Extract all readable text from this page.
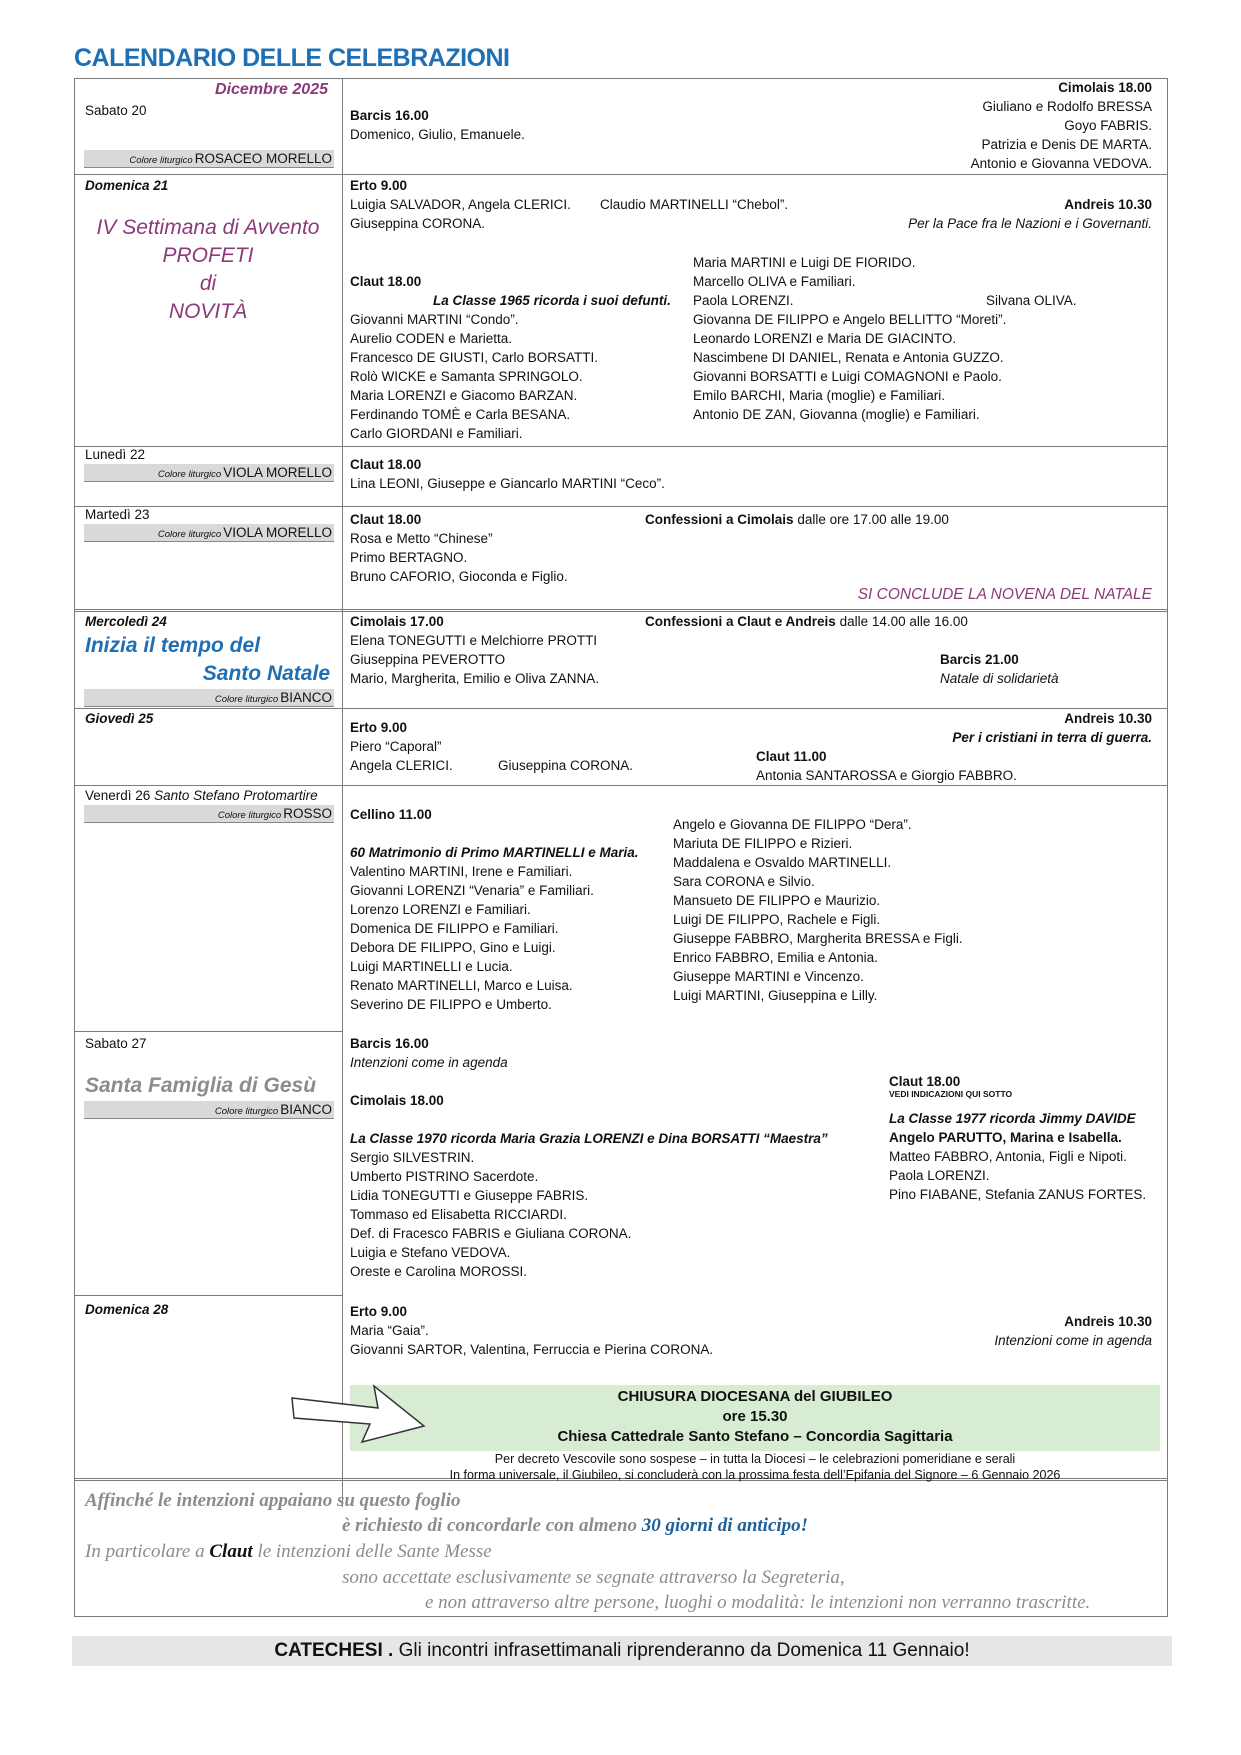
CALENDARIO DELLE CELEBRAZIONI
Dicembre 2025
Sabato 20
Colore liturgico ROSACEO MORELLO
Barcis 16.00
Domenico, Giulio, Emanuele.
Cimolais 18.00
Giuliano e Rodolfo BRESSA
Goyo FABRIS.
Patrizia e Denis DE MARTA.
Antonio e Giovanna VEDOVA.
Domenica 21
IV Settimana di Avvento
PROFETI
di
NOVITÀ
Erto 9.00
Luigia SALVADOR, Angela CLERICI. Claudio MARTINELLI “Chebol”.
Giuseppina CORONA.
Andreis 10.30
Per la Pace fra le Nazioni e i Governanti.
Claut 18.00
La Classe 1965 ricorda i suoi defunti.
Giovanni MARTINI “Condo”.
Aurelio CODEN e Marietta.
Francesco DE GIUSTI, Carlo BORSATTI.
Rolò WICKE e Samanta SPRINGOLO.
Maria LORENZI e Giacomo BARZAN.
Ferdinando TOMÈ e Carla BESANA.
Carlo GIORDANI e Familiari.
Maria MARTINI e Luigi DE FIORIDO.
Marcello OLIVA e Familiari.
Paola LORENZI.
Giovanna DE FILIPPO e Angelo BELLITTO “Moreti”.
Leonardo LORENZI e Maria DE GIACINTO.
Nascimbene DI DANIEL, Renata e Antonia GUZZO.
Giovanni BORSATTI e Luigi COMAGNONI e Paolo.
Emilo BARCHI, Maria (moglie) e Familiari.
Antonio DE ZAN, Giovanna (moglie) e Familiari.
Silvana OLIVA.
Lunedì 22
Colore liturgico VIOLA MORELLO
Claut 18.00
Lina LEONI, Giuseppe e Giancarlo MARTINI “Ceco”.
Martedì 23
Colore liturgico VIOLA MORELLO
Claut 18.00
Rosa e Metto “Chinese”
Primo BERTAGNO.
Bruno CAFORIO, Gioconda e Figlio.
Confessioni a Cimolais dalle ore 17.00 alle 19.00
SI CONCLUDE LA NOVENA DEL NATALE
Mercoledì 24
Inizia il tempo del
Santo Natale
Colore liturgico BIANCO
Cimolais 17.00
Elena TONEGUTTI e Melchiorre PROTTI
Giuseppina PEVEROTTO
Mario, Margherita, Emilio e Oliva ZANNA.
Confessioni a Claut e Andreis dalle 14.00 alle 16.00
Barcis 21.00
Natale di solidarietà
Giovedì 25
Erto 9.00
Piero “Caporal”
Angela CLERICI.	Giuseppina CORONA.
Andreis 10.30
Per i cristiani in terra di guerra.
Claut 11.00
Antonia SANTAROSSA e Giorgio FABBRO.
Venerdì 26 Santo Stefano Protomartire
Colore liturgico ROSSO Cellino 11.00
60 Matrimonio di Primo MARTINELLI e Maria.
Valentino MARTINI, Irene e Familiari.
Giovanni LORENZI “Venaria” e Familiari.
Lorenzo LORENZI e Familiari.
Domenica DE FILIPPO e Familiari.
Debora DE FILIPPO, Gino e Luigi.
Luigi MARTINELLI e Lucia.
Renato MARTINELLI, Marco e Luisa.
Severino DE FILIPPO e Umberto.
Angelo e Giovanna DE FILIPPO “Dera”.
Mariuta DE FILIPPO e Rizieri.
Maddalena e Osvaldo MARTINELLI.
Sara CORONA e Silvio.
Mansueto DE FILIPPO e Maurizio.
Luigi DE FILIPPO, Rachele e Figli.
Giuseppe FABBRO, Margherita BRESSA e Figli.
Enrico FABBRO, Emilia e Antonia.
Giuseppe MARTINI e Vincenzo.
Luigi MARTINI, Giuseppina e Lilly.
Sabato 27
Santa Famiglia di Gesù
Colore liturgico BIANCO
Barcis 16.00
Intenzioni come in agenda
Cimolais 18.00
La Classe 1970 ricorda Maria Grazia LORENZI e Dina BORSATTI “Maestra”
Sergio SILVESTRIN.
Umberto PISTRINO Sacerdote.
Lidia TONEGUTTI e Giuseppe FABRIS.
Tommaso ed Elisabetta RICCIARDI.
Def. di Fracesco FABRIS e Giuliana CORONA.
Luigia e Stefano VEDOVA.
Oreste e Carolina MOROSSI.
Claut 18.00
VEDI INDICAZIONI QUI SOTTO
La Classe 1977 ricorda Jimmy DAVIDE
Angelo PARUTTO, Marina e Isabella.
Matteo FABBRO, Antonia, Figli e Nipoti.
Paola LORENZI.
Pino FIABANE, Stefania ZANUS FORTES.
Domenica 28	Erto 9.00
Maria “Gaia”.
Giovanni SARTOR, Valentina, Ferruccia e Pierina CORONA.
Andreis 10.30
Intenzioni come in agenda
CHIUSURA DIOCESANA del GIUBILEO
ore 15.30
Chiesa Cattedrale Santo Stefano – Concordia Sagittaria
Per decreto Vescovile sono sospese – in tutta la Diocesi – le celebrazioni pomeridiane e serali
In forma universale, il Giubileo, si concluderà con la prossima festa dell’Epifania del Signore – 6 Gennaio 2026
Affinché le intenzioni appaiano su questo foglio
è richiesto di concordarle con almeno 30 giorni di anticipo!
In particolare a Claut le intenzioni delle Sante Messe
sono accettate esclusivamente se segnate attraverso la Segreteria,
e non attraverso altre persone, luoghi o modalità: le intenzioni non verranno trascritte.
CATECHESI . Gli incontri infrasettimanali riprenderanno da Domenica 11 Gennaio!
